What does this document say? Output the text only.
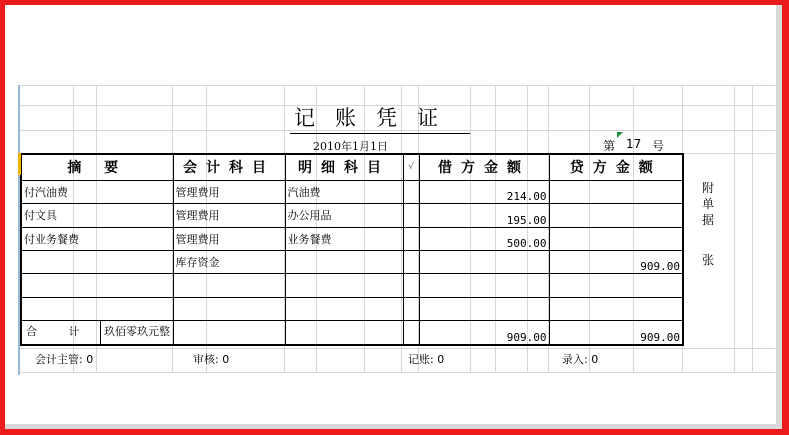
记账凭证
2010年1月1日	第 17 号
摘 要	会计科目	明细科目	√	借方金额	贷方金额
付汽油费	管理费用	汽油费		214.00	
付文具	管理费用	办公用品		195.00	
付业务餐费	管理费用	业务餐费		500.00	
	库存资金				909.00

合 计 玖佰零玖元整				909.00	909.00
附
单
据
张
会计主管: 0	审核: 0	记账: 0	录入: 0
